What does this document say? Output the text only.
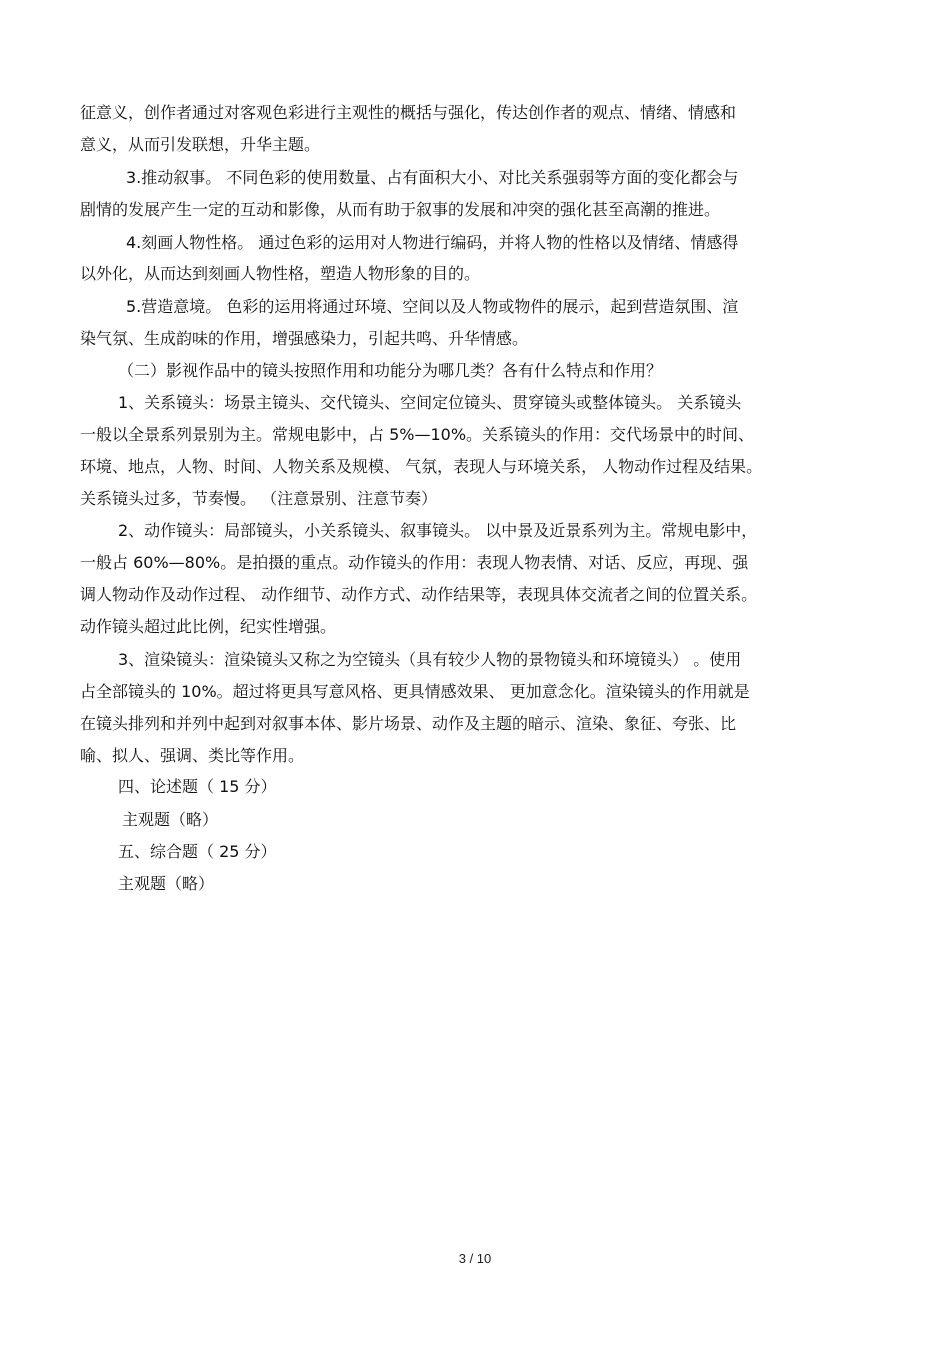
征意义，创作者通过对客观色彩进行主观性的概括与强化，传达创作者的观点、情绪、情感和
意义，从而引发联想，升华主题。
3.推动叙事。 不同色彩的使用数量、占有面积大小、对比关系强弱等方面的变化都会与
剧情的发展产生一定的互动和影像，从而有助于叙事的发展和冲突的强化甚至高潮的推进。
4.刻画人物性格。 通过色彩的运用对人物进行编码，并将人物的性格以及情绪、情感得
以外化，从而达到刻画人物性格，塑造人物形象的目的。
5.营造意境。 色彩的运用将通过环境、空间以及人物或物件的展示，起到营造氛围、渲
染气氛、生成韵味的作用，增强感染力，引起共鸣、升华情感。
（二）影视作品中的镜头按照作用和功能分为哪几类？各有什么特点和作用？
1、关系镜头：场景主镜头、交代镜头、空间定位镜头、贯穿镜头或整体镜头。 关系镜头
一般以全景系列景别为主。常规电影中，占 5%—10%。关系镜头的作用：交代场景中的时间、
环境、地点，人物、时间、人物关系及规模、 气氛，表现人与环境关系， 人物动作过程及结果。
关系镜头过多，节奏慢。 （注意景别、注意节奏）
2、动作镜头：局部镜头，小关系镜头、叙事镜头。 以中景及近景系列为主。常规电影中，
一般占 60%—80%。是拍摄的重点。动作镜头的作用：表现人物表情、对话、反应，再现、强
调人物动作及动作过程、 动作细节、动作方式、动作结果等，表现具体交流者之间的位置关系。
动作镜头超过此比例，纪实性增强。
3、渲染镜头：渲染镜头又称之为空镜头（具有较少人物的景物镜头和环境镜头） 。使用
占全部镜头的 10%。超过将更具写意风格、更具情感效果、 更加意念化。渲染镜头的作用就是
在镜头排列和并列中起到对叙事本体、影片场景、动作及主题的暗示、渲染、象征、夸张、比
喻、拟人、强调、类比等作用。
四、论述题（ 15 分）
主观题（略）
五、综合题（ 25 分）
主观题（略）
3 / 10
